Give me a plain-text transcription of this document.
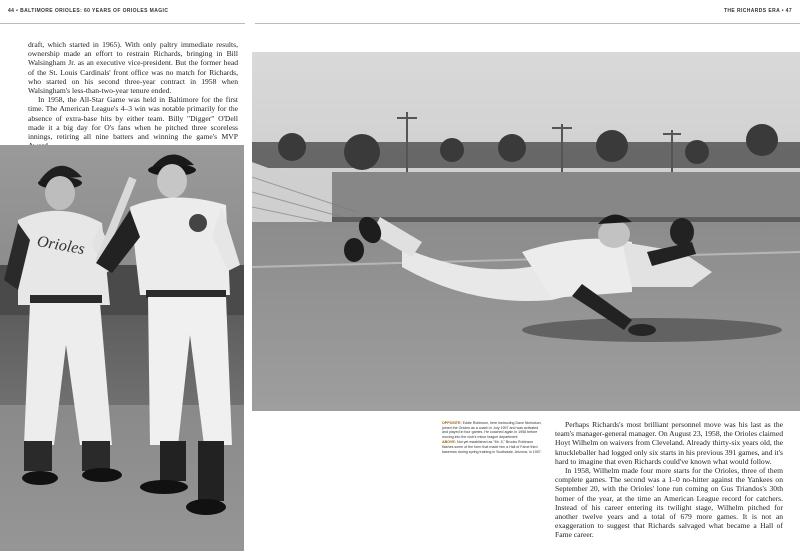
44 • BALTIMORE ORIOLES: 60 YEARS OF ORIOLES MAGIC	THE RICHARDS ERA • 47

draft, which started in 1965). With only paltry immediate results, ownership made an effort to restrain Richards, bringing in Bill Walsingham Jr. as an executive vice-president. But the former head of the St. Louis Cardinals' front office was no match for Richards, who started on his second three-year contract in 1958 when Walsingham's less-than-two-year tenure ended.

In 1958, the All-Star Game was held in Baltimore for the first time. The American League's 4–3 win was notable primarily for the absence of extra-base hits by either team. Billy "Digger" O'Dell made it a big day for O's fans when he pitched three scoreless innings, retiring all nine batters and winning the game's MVP

Orioles

OPPOSITE: Eddie Robinson, here instructing Dave Nicholson, joined the Orioles as a coach in July 1957 and was activated and played in four games. He coached again in 1958 before moving into the club's minor league department.

ABOVE: Not yet established as "Mr. 5," Brooks Robinson flashes some of the form that made him a Hall of Fame third baseman during spring training in Scottsdale, Arizona, in 1957.

Perhaps Richards's most brilliant personnel move was his last as the team's manager-general manager. On August 23, 1958, the Orioles claimed Hoyt Wilhelm on waivers from Cleveland. Already thirty-six years old, the knuckleballer had logged only six starts in his previous 391 games, and it's hard to imagine that even Richards could've known what would follow.

In 1958, Wilhelm made four more starts for the Orioles, three of them complete games. The second was a 1–0 no-hitter against the Yankees on September 20, with the Orioles' lone run coming on Gus Triandos's 30th homer of the year, at the time an American League record for catchers. Instead of his career entering its twilight stage, Wilhelm pitched for another twelve years and a total of 679 more games. It is not an exaggeration to suggest that Richards salvaged what became a Hall of Fame career.
